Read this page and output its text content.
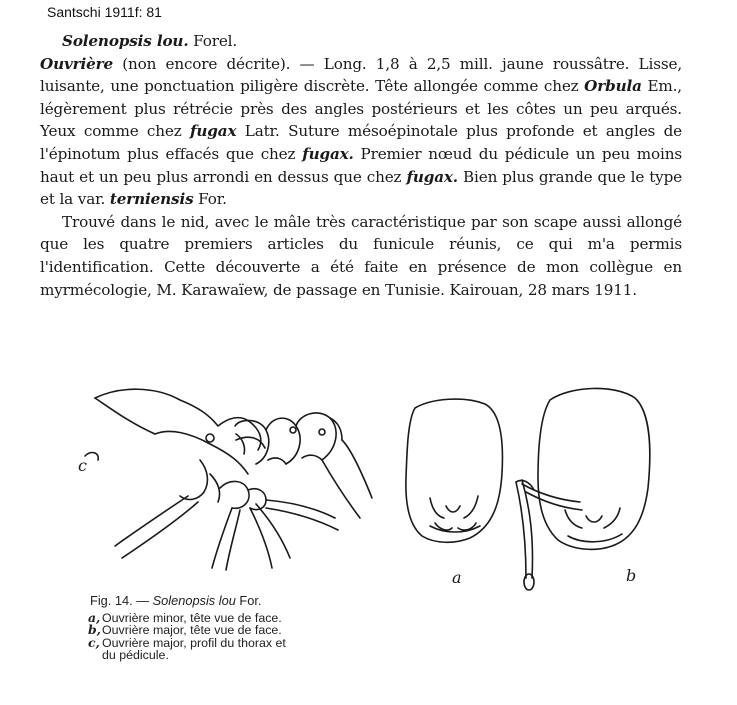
Santschi 1911f: 81

Solenopsis lou. Forel.
Ouvrière (non encore décrite). — Long. 1,8 à 2,5 mill. jaune roussâtre. Lisse, luisante, une ponctuation piligère discrète. Tête allongée comme chez Orbula Em., légèrement plus rétrécie près des angles postérieurs et les côtes un peu arqués. Yeux comme chez fugax Latr. Suture mésoépinotale plus profonde et angles de l'épinotum plus effacés que chez fugax. Premier nœud du pédicule un peu moins haut et un peu plus arrondi en dessus que chez fugax. Bien plus grande que le type et la var. terniensis For.

Trouvé dans le nid, avec le mâle très caractéristique par son scape aussi allongé que les quatre premiers articles du funicule réunis, ce qui m'a permis l'identification. Cette découverte a été faite en présence de mon collègue en myrmécologie, M. Karawaïew, de passage en Tunisie. Kairouan, 28 mars 1911.

c
a	b
Fig. 14. — Solenopsis lou For.
a, Ouvrière minor, tête vue de face.
b, Ouvrière major, tête vue de face.
c, Ouvrière major, profil du thorax et
du pédicule.
